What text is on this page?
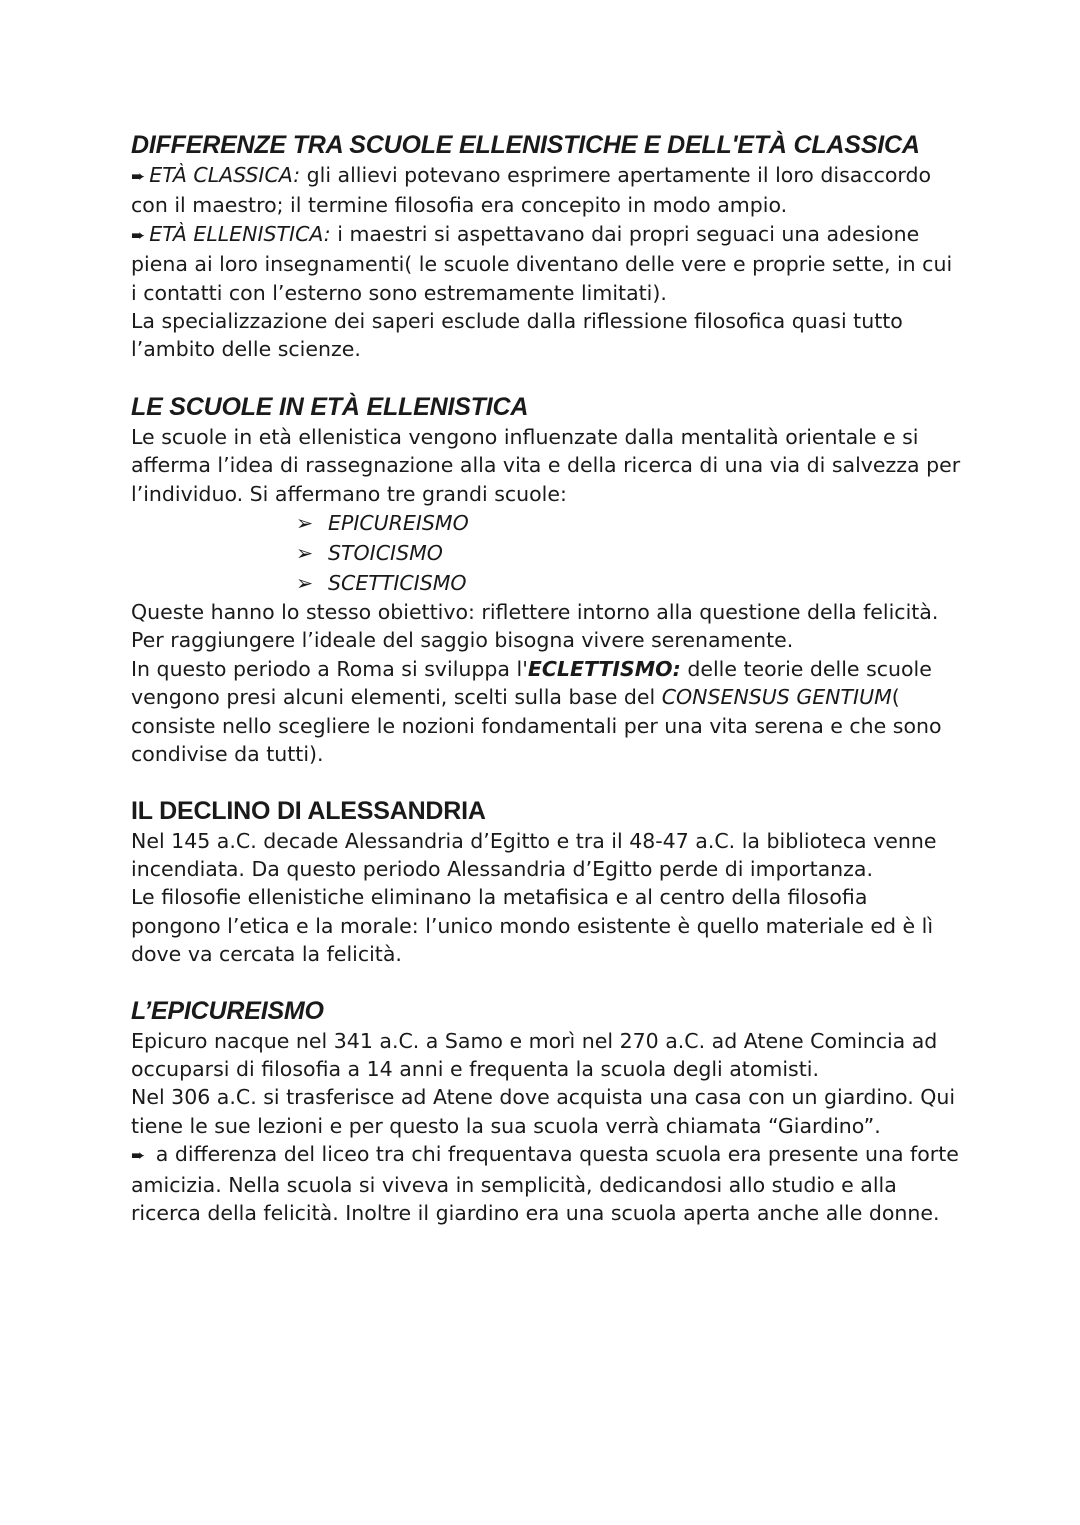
DIFFERENZE TRA SCUOLE ELLENISTICHE E DELL'ETÀ CLASSICA

➨ ETÀ CLASSICA: gli allievi potevano esprimere apertamente il loro disaccordo con il maestro; il termine filosofia era concepito in modo ampio.

➨ ETÀ ELLENISTICA: i maestri si aspettavano dai propri seguaci una adesione piena ai loro insegnamenti( le scuole diventano delle vere e proprie sette, in cui i contatti con l’esterno sono estremamente limitati).

La specializzazione dei saperi esclude dalla riflessione filosofica quasi tutto l’ambito delle scienze.

LE SCUOLE IN ETÀ ELLENISTICA

Le scuole in età ellenistica vengono influenzate dalla mentalità orientale e si afferma l’idea di rassegnazione alla vita e della ricerca di una via di salvezza per l’individuo. Si affermano tre grandi scuole:

➢ EPICUREISMO
➢ STOICISMO
➢ SCETTICISMO

Queste hanno lo stesso obiettivo: riflettere intorno alla questione della felicità. Per raggiungere l’ideale del saggio bisogna vivere serenamente.

In questo periodo a Roma si sviluppa l'ECLETTISMO: delle teorie delle scuole vengono presi alcuni elementi, scelti sulla base del CONSENSUS GENTIUM( consiste nello scegliere le nozioni fondamentali per una vita serena e che sono condivise da tutti).

IL DECLINO DI ALESSANDRIA

Nel 145 a.C. decade Alessandria d’Egitto e tra il 48-47 a.C. la biblioteca venne incendiata. Da questo periodo Alessandria d’Egitto perde di importanza.

Le filosofie ellenistiche eliminano la metafisica e al centro della filosofia pongono l’etica e la morale: l’unico mondo esistente è quello materiale ed è lì dove va cercata la felicità.

L’EPICUREISMO

Epicuro nacque nel 341 a.C. a Samo e morì nel 270 a.C. ad Atene Comincia ad occuparsi di filosofia a 14 anni e frequenta la scuola degli atomisti.

Nel 306 a.C. si trasferisce ad Atene dove acquista una casa con un giardino. Qui tiene le sue lezioni e per questo la sua scuola verrà chiamata “Giardino”.

➨ a differenza del liceo tra chi frequentava questa scuola era presente una forte amicizia. Nella scuola si viveva in semplicità, dedicandosi allo studio e alla ricerca della felicità. Inoltre il giardino era una scuola aperta anche alle donne.
